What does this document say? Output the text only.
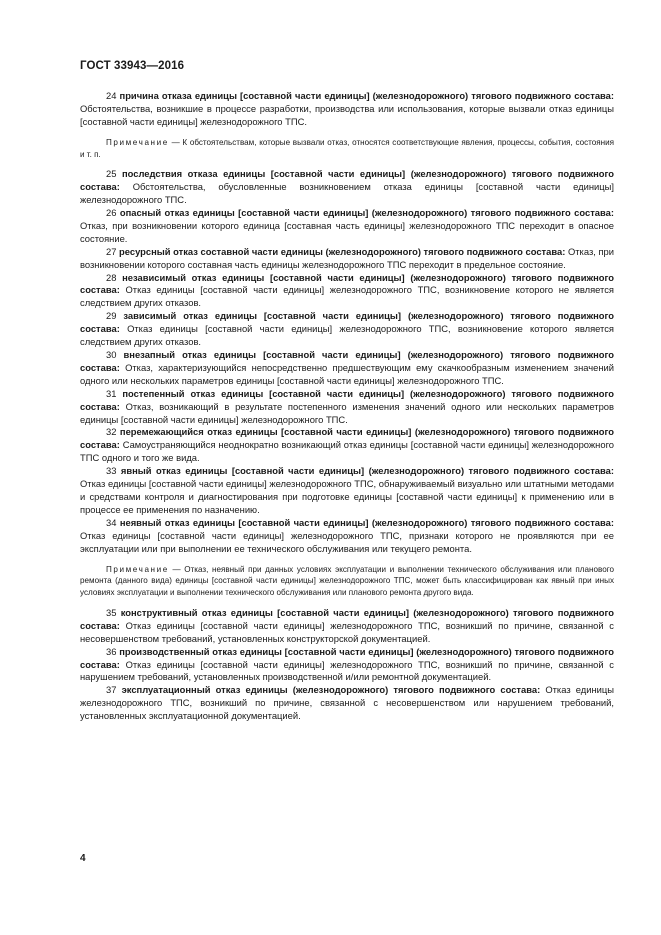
ГОСТ 33943—2016

24 причина отказа единицы [составной части единицы] (железнодорожного) тягового подвижного состава: Обстоятельства, возникшие в процессе разработки, производства или использования, которые вызвали отказ единицы [составной части единицы] железнодорожного ТПС.

Примечание — К обстоятельствам, которые вызвали отказ, относятся соответствующие явления, процессы, события, состояния и т. п.

25 последствия отказа единицы [составной части единицы] (железнодорожного) тягового подвижного состава: Обстоятельства, обусловленные возникновением отказа единицы [составной части единицы] железнодорожного ТПС.

26 опасный отказ единицы [составной части единицы] (железнодорожного) тягового подвижного состава: Отказ, при возникновении которого единица [составная часть единицы] железнодорожного ТПС переходит в опасное состояние.

27 ресурсный отказ составной части единицы (железнодорожного) тягового подвижного состава: Отказ, при возникновении которого составная часть единицы железнодорожного ТПС переходит в предельное состояние.

28 независимый отказ единицы [составной части единицы] (железнодорожного) тягового подвижного состава: Отказ единицы [составной части единицы] железнодорожного ТПС, возникновение которого не является следствием других отказов.

29 зависимый отказ единицы [составной части единицы] (железнодорожного) тягового подвижного состава: Отказ единицы [составной части единицы] железнодорожного ТПС, возникновение которого является следствием других отказов.

30 внезапный отказ единицы [составной части единицы] (железнодорожного) тягового подвижного состава: Отказ, характеризующийся непосредственно предшествующим ему скачкообразным изменением значений одного или нескольких параметров единицы [составной части единицы] железнодорожного ТПС.

31 постепенный отказ единицы [составной части единицы] (железнодорожного) тягового подвижного состава: Отказ, возникающий в результате постепенного изменения значений одного или нескольких параметров единицы [составной части единицы] железнодорожного ТПС.

32 перемежающийся отказ единицы [составной части единицы] (железнодорожного) тягового подвижного состава: Самоустраняющийся неоднократно возникающий отказ единицы [составной части единицы] железнодорожного ТПС одного и того же вида.

33 явный отказ единицы [составной части единицы] (железнодорожного) тягового подвижного состава: Отказ единицы [составной части единицы] железнодорожного ТПС, обнаруживаемый визуально или штатными методами и средствами контроля и диагностирования при подготовке единицы [составной части единицы] к применению или в процессе ее применения по назначению.

34 неявный отказ единицы [составной части единицы] (железнодорожного) тягового подвижного состава: Отказ единицы [составной части единицы] железнодорожного ТПС, признаки которого не проявляются при ее эксплуатации или при выполнении ее технического обслуживания или текущего ремонта.

Примечание — Отказ, неявный при данных условиях эксплуатации и выполнении технического обслуживания или планового ремонта (данного вида) единицы [составной части единицы] железнодорожного ТПС, может быть классифицирован как явный при иных условиях эксплуатации и выполнении технического обслуживания или планового ремонта другого вида.

35 конструктивный отказ единицы [составной части единицы] (железнодорожного) тягового подвижного состава: Отказ единицы [составной части единицы] железнодорожного ТПС, возникший по причине, связанной с несовершенством требований, установленных конструкторской документацией.

36 производственный отказ единицы [составной части единицы] (железнодорожного) тягового подвижного состава: Отказ единицы [составной части единицы] железнодорожного ТПС, возникший по причине, связанной с нарушением требований, установленных производственной и/или ремонтной документацией.

37 эксплуатационный отказ единицы (железнодорожного) тягового подвижного состава: Отказ единицы железнодорожного ТПС, возникший по причине, связанной с несовершенством или нарушением требований, установленных эксплуатационной документацией.

4
